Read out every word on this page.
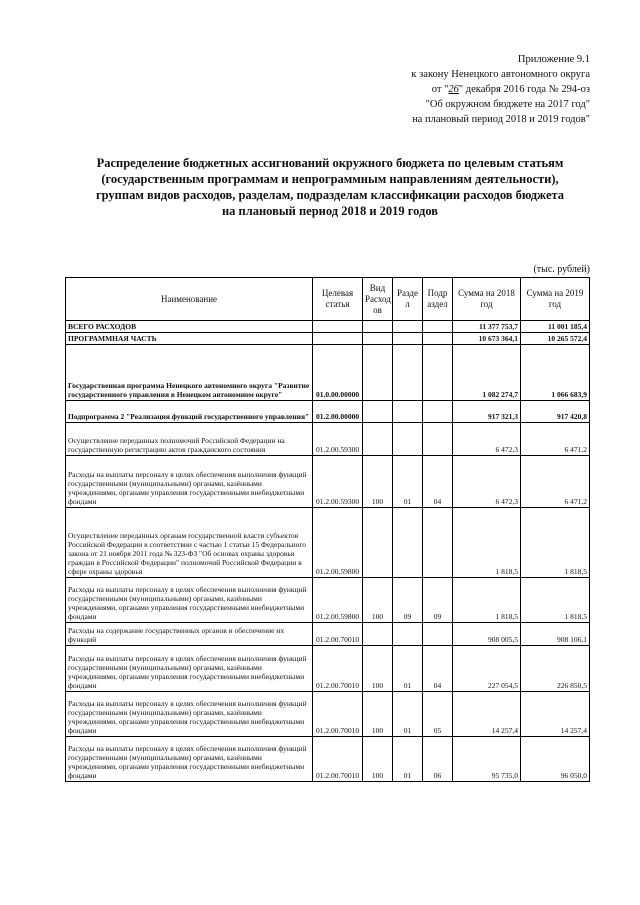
Приложение 9.1
к закону Ненецкого автономного округа
от "26" декабря 2016 года № 294-оз
"Об окружном бюджете на 2017 год"
на плановый период 2018 и 2019 годов"
Распределение бюджетных ассигнований окружного бюджета по целевым статьям
(государственным программам и непрограммным направлениям деятельности),
группам видов расходов, разделам, подразделам классификации расходов бюджета
на плановый период 2018 и 2019 годов
(тыс. рублей)
Наименование	Целевая статья	Вид Расход ов	Разде л	Подр аздел	Сумма на 2018 год	Сумма на 2019 год
ВСЕГО РАСХОДОВ					11 377 753,7	11 001 185,4
ПРОГРАММНАЯ ЧАСТЬ					10 673 364,1	10 265 572,4
Государственная программа Ненецкого автономного округа "Развитие государственного управления в Ненецком автономном округе"	01.0.00.00000				1 082 274,7	1 066 683,9
Подпрограмма 2 "Реализация функций государственного управления"	01.2.00.00000				917 321,3	917 420,8
Осуществление переданных полномочий Российской Федерации на государственную регистрацию актов гражданского состояния	01.2.00.59300				6 472,3	6 471,2
Расходы на выплаты персоналу в целях обеспечения выполнения функций государственными (муниципальными) органами, казёнными учреждениями, органами управления государственными внебюджетными фондами	01.2.00.59300	100	01	04	6 472,3	6 471,2
Осуществление переданных органам государственной власти субъектов Российской Федерации в соответствии с частью 1 статьи 15 Федерального закона от 21 ноября 2011 года № 323-ФЗ "Об основах охраны здоровья граждан в Российской Федерации" полномочий Российской Федерации в сфере охраны здоровья	01.2.00.59800				1 818,5	1 818,5
Расходы на выплаты персоналу в целях обеспечения выполнения функций государственными (муниципальными) органами, казёнными учреждениями, органами управления государственными внебюджетными фондами	01.2.00.59800	100	09	09	1 818,5	1 818,5
Расходы на содержание государственных органов и обеспечение их функций	01.2.00.70010				908 005,5	908 106,1
Расходы на выплаты персоналу в целях обеспечения выполнения функций государственными (муниципальными) органами, казёнными учреждениями, органами управления государственными внебюджетными фондами	01.2.00.70010	100	01	04	227 054,5	226 850,5
Расходы на выплаты персоналу в целях обеспечения выполнения функций государственными (муниципальными) органами, казёнными учреждениями, органами управления государственными внебюджетными фондами	01.2.00.70010	100	01	05	14 257,4	14 257,4
Расходы на выплаты персоналу в целях обеспечения выполнения функций государственными (муниципальными) органами, казёнными учреждениями, органами управления государственными внебюджетными фондами	01.2.00.70010	100	01	06	95 735,0	96 050,0
